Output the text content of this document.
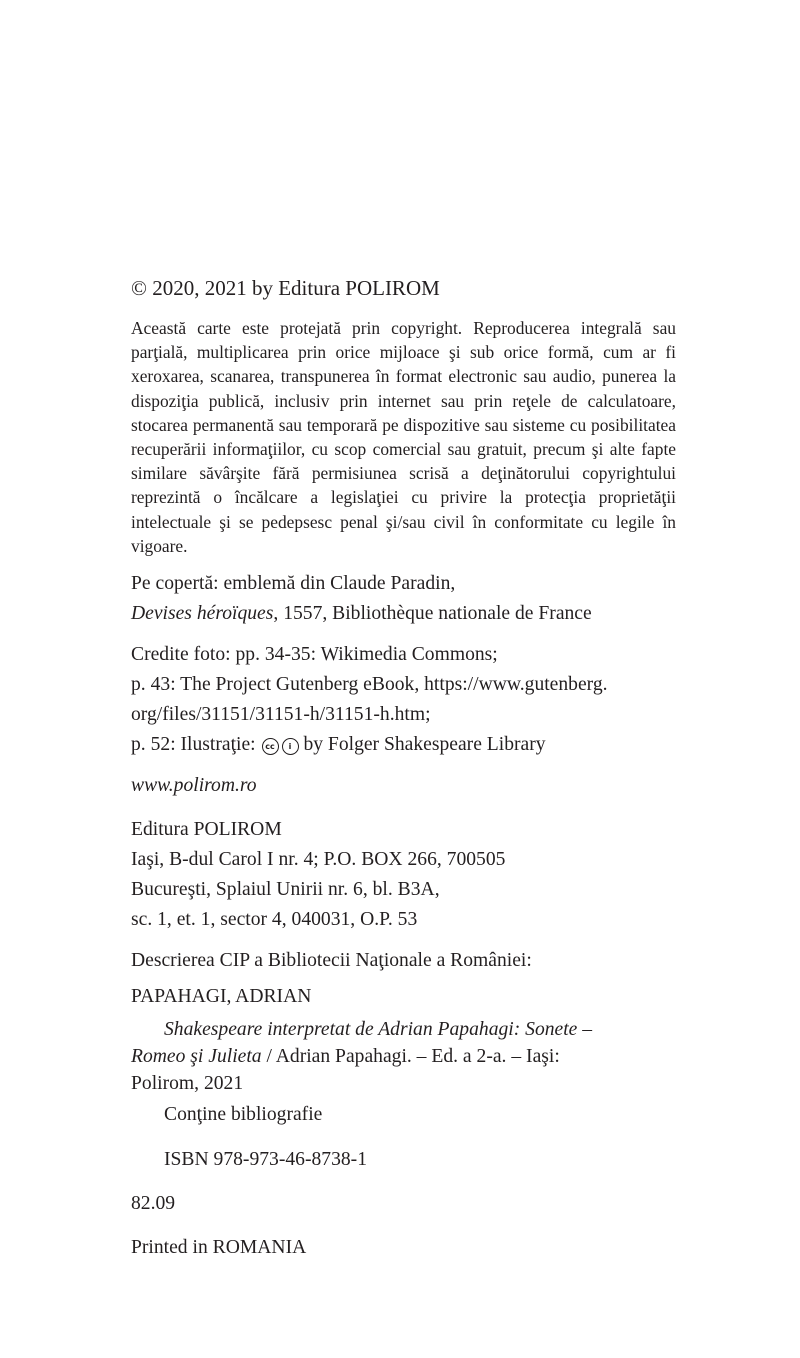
© 2020, 2021 by Editura POLIROM

Această carte este protejată prin copyright. Reproducerea integrală sau parţială, multiplicarea prin orice mijloace şi sub orice formă, cum ar fi xeroxarea, scanarea, transpunerea în format electronic sau audio, punerea la dispoziţia publică, inclusiv prin internet sau prin reţele de calculatoare, stocarea permanentă sau temporară pe dispozitive sau sisteme cu posibilitatea recuperării informaţiilor, cu scop comercial sau gratuit, precum şi alte fapte similare săvârşite fără permisiunea scrisă a deţinătorului copyrightului reprezintă o încălcare a legislaţiei cu privire la protecţia proprietăţii intelectuale şi se pedepsesc penal şi/sau civil în conformitate cu legile în vigoare.

Pe copertă: emblemă din Claude Paradin,
Devises héroïques, 1557, Bibliothèque nationale de France
Credite foto: pp. 34-35: Wikimedia Commons;
p. 43: The Project Gutenberg eBook, https://www.gutenberg.
org/files/31151/31151-h/31151-h.htm;
p. 52: Ilustraţie: cc i by Folger Shakespeare Library

www.polirom.ro

Editura POLIROM
Iaşi, B-dul Carol I nr. 4; P.O. BOX 266, 700505
Bucureşti, Splaiul Unirii nr. 6, bl. B3A,
sc. 1, et. 1, sector 4, 040031, O.P. 53

Descrierea CIP a Bibliotecii Naţionale a României:

PAPAHAGI, ADRIAN

Shakespeare interpretat de Adrian Papahagi: Sonete –
Romeo şi Julieta / Adrian Papahagi. – Ed. a 2-a. – Iaşi:
Polirom, 2021

Conţine bibliografie

ISBN 978-973-46-8738-1

82.09

Printed in ROMANIA
